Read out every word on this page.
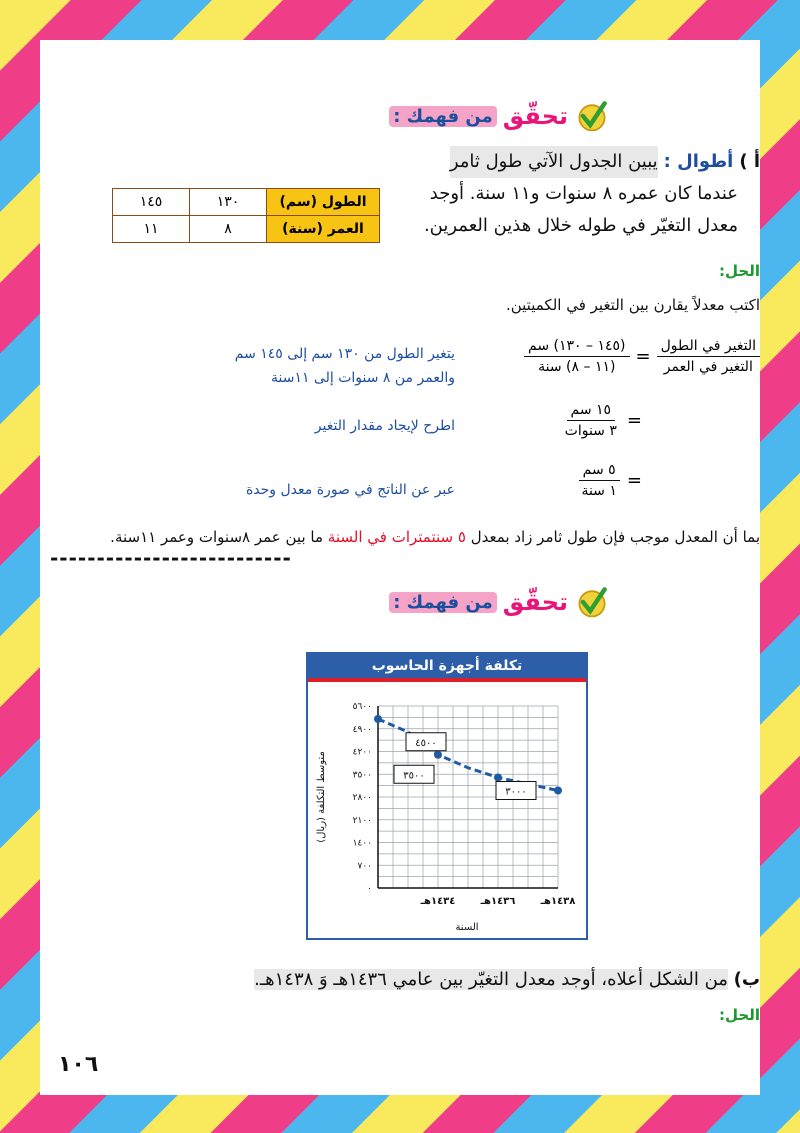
تحقّق
من فهمك :
أ )
أطوال :
يبين الجدول الآتي طول ثامر
عندما كان عمره ٨ سنوات و١١ سنة. أوجد
معدل التغيّر في طوله خلال هذين العمرين.
الطول (سم)	١٣٠	١٤٥
العمر (سنة)	٨	١١
الحل:
اكتب معدلاً يقارن بين التغير في الكميتين.
$\frac{\text{التغير في الطول}}{\text{التغير في العمر}}$
=
$\frac{\text{(١٤٥ – ١٣٠) سم}}{\text{(١١ – ٨) سنة}}$
يتغير الطول من ١٣٠ سم إلى ١٤٥ سم
والعمر من ٨ سنوات إلى ١١سنة
=
$\frac{\text{١٥ سم}}{\text{٣ سنوات}}$
اطرح لإيجاد مقدار التغير
=
$\frac{\text{٥ سم}}{\text{١ سنة}}$
عبر عن الناتج في صورة معدل وحدة
بما أن المعدل موجب فإن طول ثامر زاد بمعدل ٥ سنتمترات في السنة ما بين عمر ٨سنوات وعمر ١١سنة.
--------------------------
تحقّق
من فهمك :
تكلفة أجهزة الحاسوب
٠
٧٠٠
١٤٠٠
٢١٠٠
٢٨٠٠
٣٥٠٠
٤٢٠٠
٤٩٠٠
٥٦٠٠
١٤٣٤هـ	١٤٣٦هـ	١٤٣٨هـ
٤٥٠٠
٣٥٠٠
٣٠٠٠
متوسط التكلفة (ريال)
السنة
ب) من الشكل أعلاه، أوجد معدل التغيّر بين عامي ١٤٣٦هـ وَ ١٤٣٨هـ.
الحل:
١٠٦
